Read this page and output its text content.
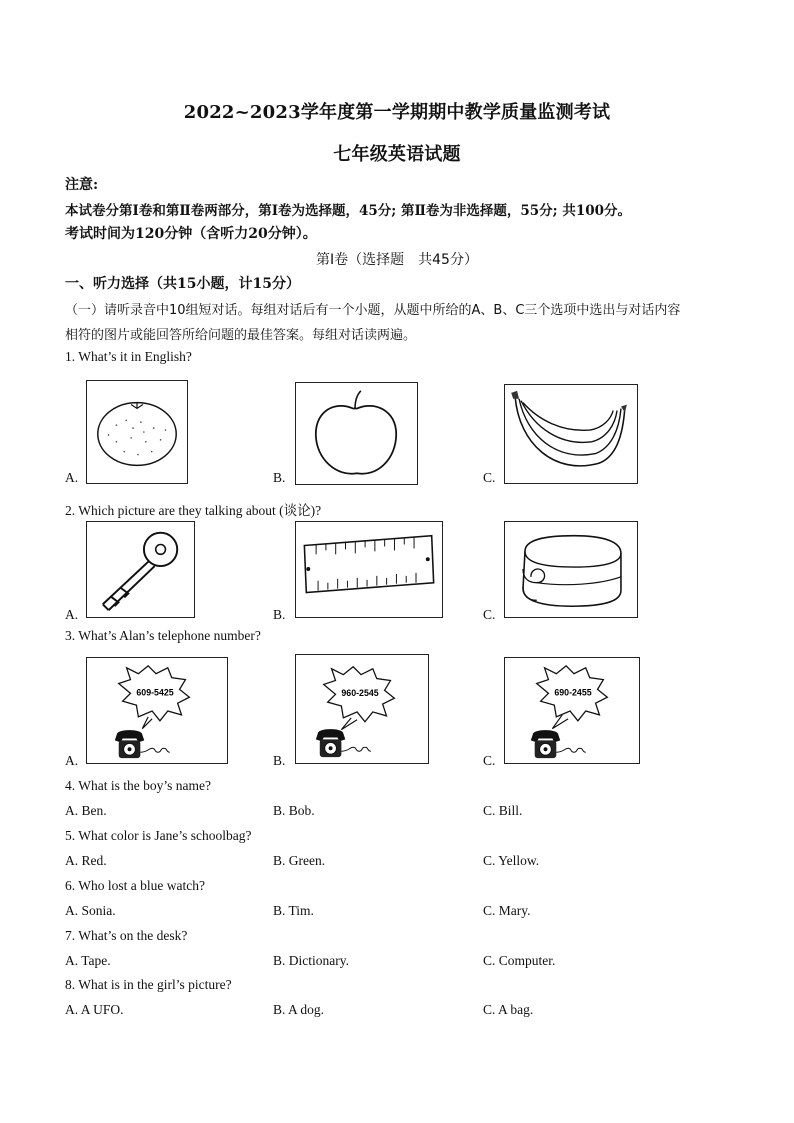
2022~2023学年度第一学期期中教学质量监测考试
七年级英语试题
注意:
本试卷分第Ⅰ卷和第Ⅱ卷两部分，第Ⅰ卷为选择题，45分; 第Ⅱ卷为非选择题，55分; 共100分。
考试时间为120分钟（含听力20分钟）。
第Ⅰ卷（选择题　共45分）
一、听力选择（共15小题，计15分）
（一）请听录音中10组短对话。每组对话后有一个小题，从题中所给的A、B、C三个选项中选出与对话内容
相符的图片或能回答所给问题的最佳答案。每组对话读两遍。
1. What’s it in English?
A.	B.	C.
2. Which picture are they talking about (谈论)?
A.	B.	C.
3. What’s Alan’s telephone number?
A.
609-5425
B.
960-2545
C.
690-2455
4. What is the boy’s name?
A. Ben.	B. Bob.	C. Bill.
5. What color is Jane’s schoolbag?
A. Red.	B. Green.	C. Yellow.
6. Who lost a blue watch?
A. Sonia.	B. Tim.	C. Mary.
7. What’s on the desk?
A. Tape.	B. Dictionary.	C. Computer.
8. What is in the girl’s picture?
A. A UFO.	B. A dog.	C. A bag.
